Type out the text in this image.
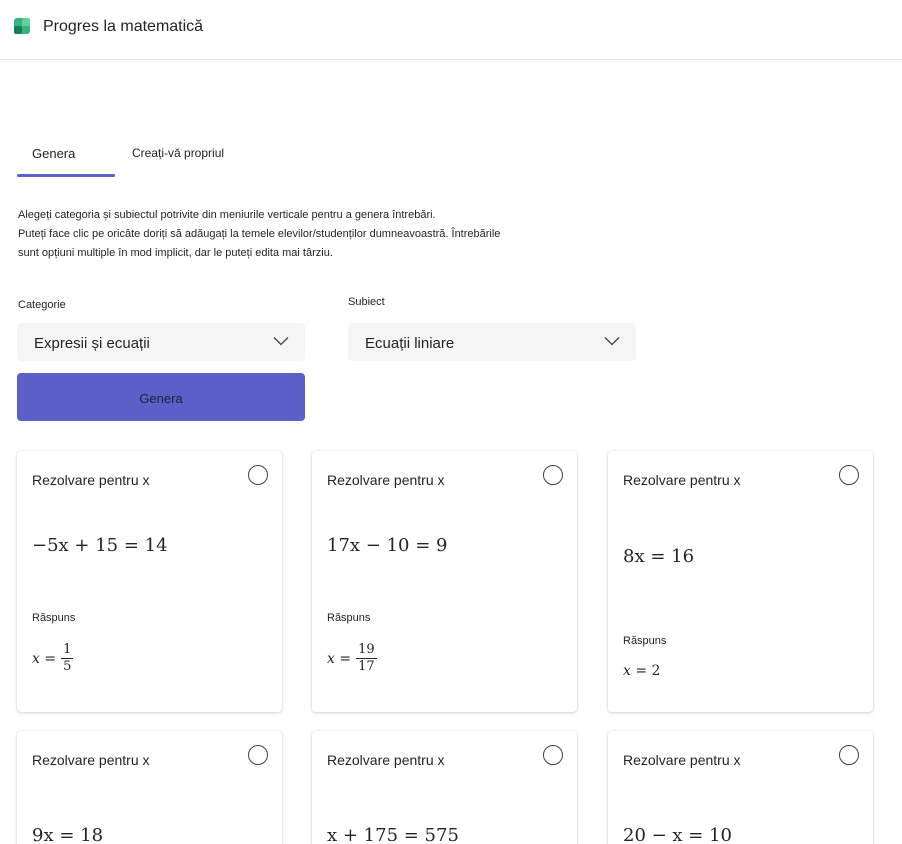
Progres la matematică
Genera	Creați-vă propriul
Alegeți categoria și subiectul potrivite din meniurile verticale pentru a genera întrebări.
Puteți face clic pe oricâte doriți să adăugați la temele elevilor/studenților dumneavoastră. Întrebările
sunt opțiuni multiple în mod implicit, dar le puteți edita mai târziu.
Categorie	Subiect
Expresii și ecuații	Ecuații liniare
Genera
Rezolvare pentru x
−5x + 15 = 14
Răspuns
$x = \frac{1}{5}$
Rezolvare pentru x
17x − 10 = 9
Răspuns
$x = \frac{19}{17}$
Rezolvare pentru x
8x = 16
Răspuns
x = 2
Rezolvare pentru x
9x = 18
Rezolvare pentru x
x + 175 = 575
Rezolvare pentru x
20 − x = 10
